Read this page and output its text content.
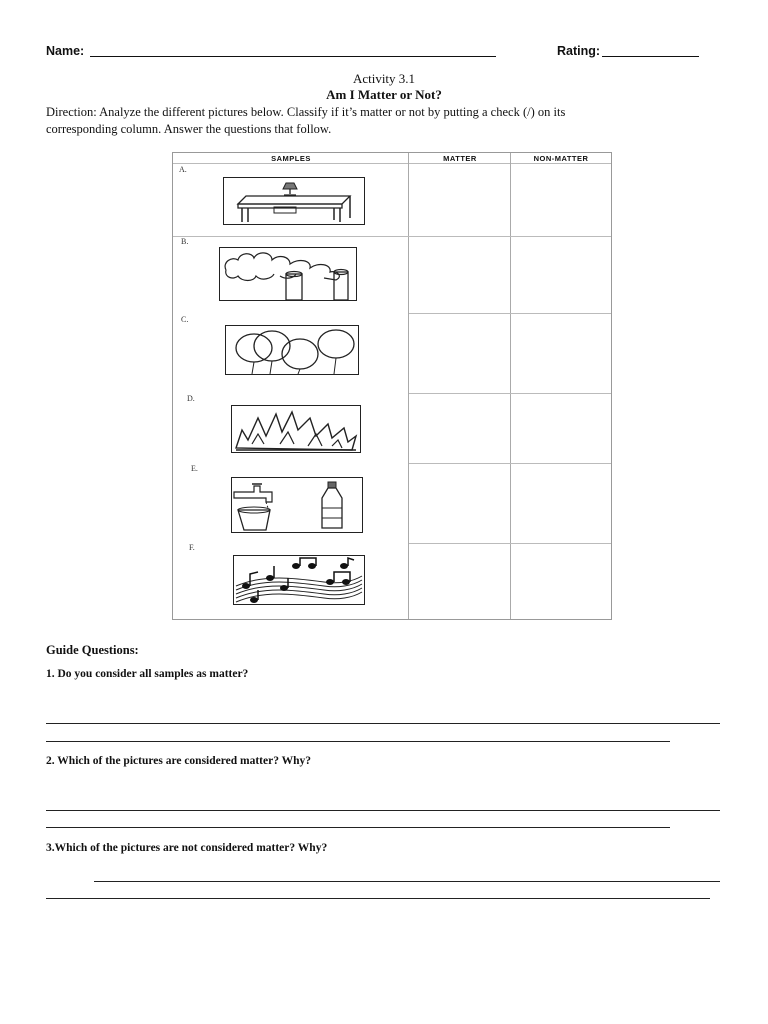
Name:	Rating:
Activity 3.1
Am I Matter or Not?
Direction: Analyze the different pictures below. Classify if it’s matter or not by putting a check (/) on its
corresponding column. Answer the questions that follow.
SAMPLES	MATTER	NON-MATTER
A.
B.
C.
D.
E.
F.
Guide Questions:
1. Do you consider all samples as matter?
2. Which of the pictures are considered matter? Why?
3.Which of the pictures are not considered matter? Why?
